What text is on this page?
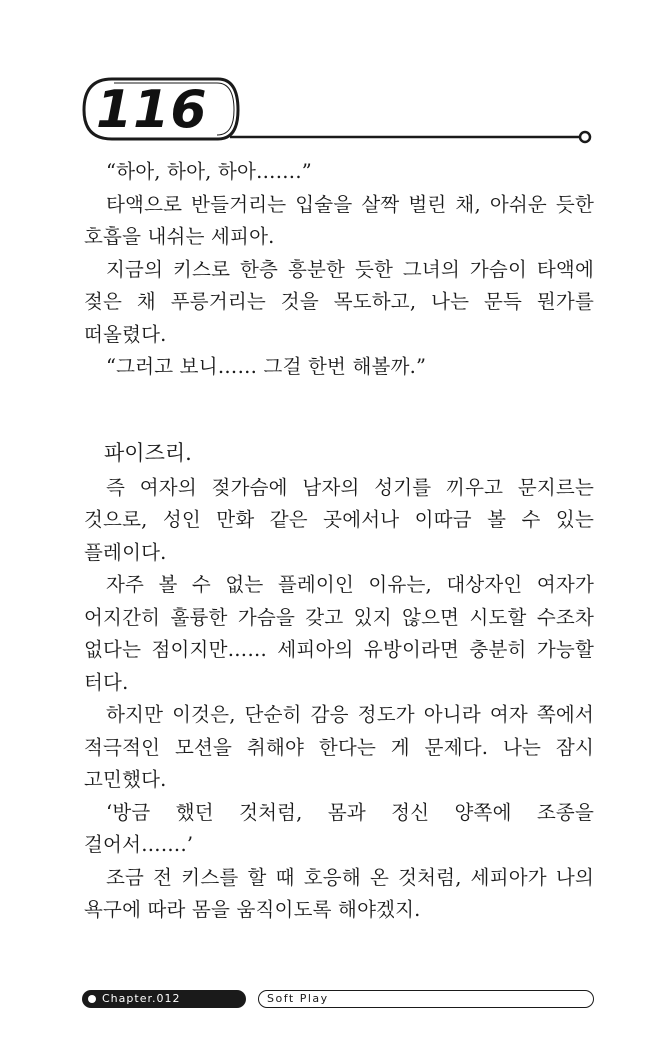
116

“하아, 하아, 하아…….”

타액으로 반들거리는 입술을 살짝 벌린 채, 아쉬운 듯한 호흡을 내쉬는 세피아.

지금의 키스로 한층 흥분한 듯한 그녀의 가슴이 타액에 젖은 채 푸릉거리는 것을 목도하고, 나는 문득 뭔가를 떠올렸다.

“그러고 보니…… 그걸 한번 해볼까.”

파이즈리.

즉 여자의 젖가슴에 남자의 성기를 끼우고 문지르는 것으로, 성인 만화 같은 곳에서나 이따금 볼 수 있는 플레이다.

자주 볼 수 없는 플레이인 이유는, 대상자인 여자가 어지간히 훌륭한 가슴을 갖고 있지 않으면 시도할 수조차 없다는 점이지만…… 세피아의 유방이라면 충분히 가능할 터다.

하지만 이것은, 단순히 감응 정도가 아니라 여자 쪽에서 적극적인 모션을 취해야 한다는 게 문제다. 나는 잠시 고민했다.

‘방금 했던 것처럼, 몸과 정신 양쪽에 조종을 걸어서…….’

조금 전 키스를 할 때 호응해 온 것처럼, 세피아가 나의 욕구에 따라 몸을 움직이도록 해야겠지.

Chapter.012	Soft Play
